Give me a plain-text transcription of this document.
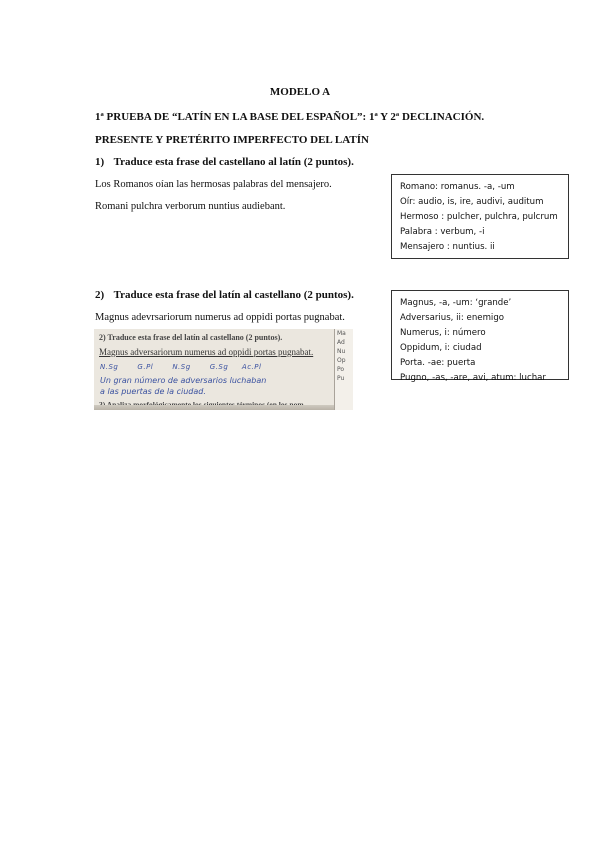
MODELO A
1ª PRUEBA DE “LATÍN EN LA BASE DEL ESPAÑOL”: 1ª Y 2ª DECLINACIÓN.
PRESENTE Y PRETÉRITO IMPERFECTO DEL LATÍN
1) Traduce esta frase del castellano al latín (2 puntos).
Los Romanos oían las hermosas palabras del mensajero.
Romani pulchra verborum nuntius audiebant.
Romano: romanus. -a, -um
Oír: audio, is, ire, audivi, auditum
Hermoso : pulcher, pulchra, pulcrum
Palabra : verbum, -i
Mensajero : nuntius. ii
2) Traduce esta frase del latín al castellano (2 puntos).
Magnus adevrsariorum numerus ad oppidi portas pugnabat.
Magnus, -a, -um: ‘grande’
Adversarius, ii: enemigo
Numerus, i: número
Oppidum, i: ciudad
Porta. -ae: puerta
Pugno, -as, -are, avi, atum: luchar
2) Traduce esta frase del latín al castellano (2 puntos).
Magnus adversariorum numerus ad oppidi portas pugnabat.
N.Sg       G.Pl       N.Sg       G.Sg     Ac.Pl
Un gran número de adversarios luchaban
a las puertas de la ciudad.
Ma
Ad
Nu
Op
Po
Pu
